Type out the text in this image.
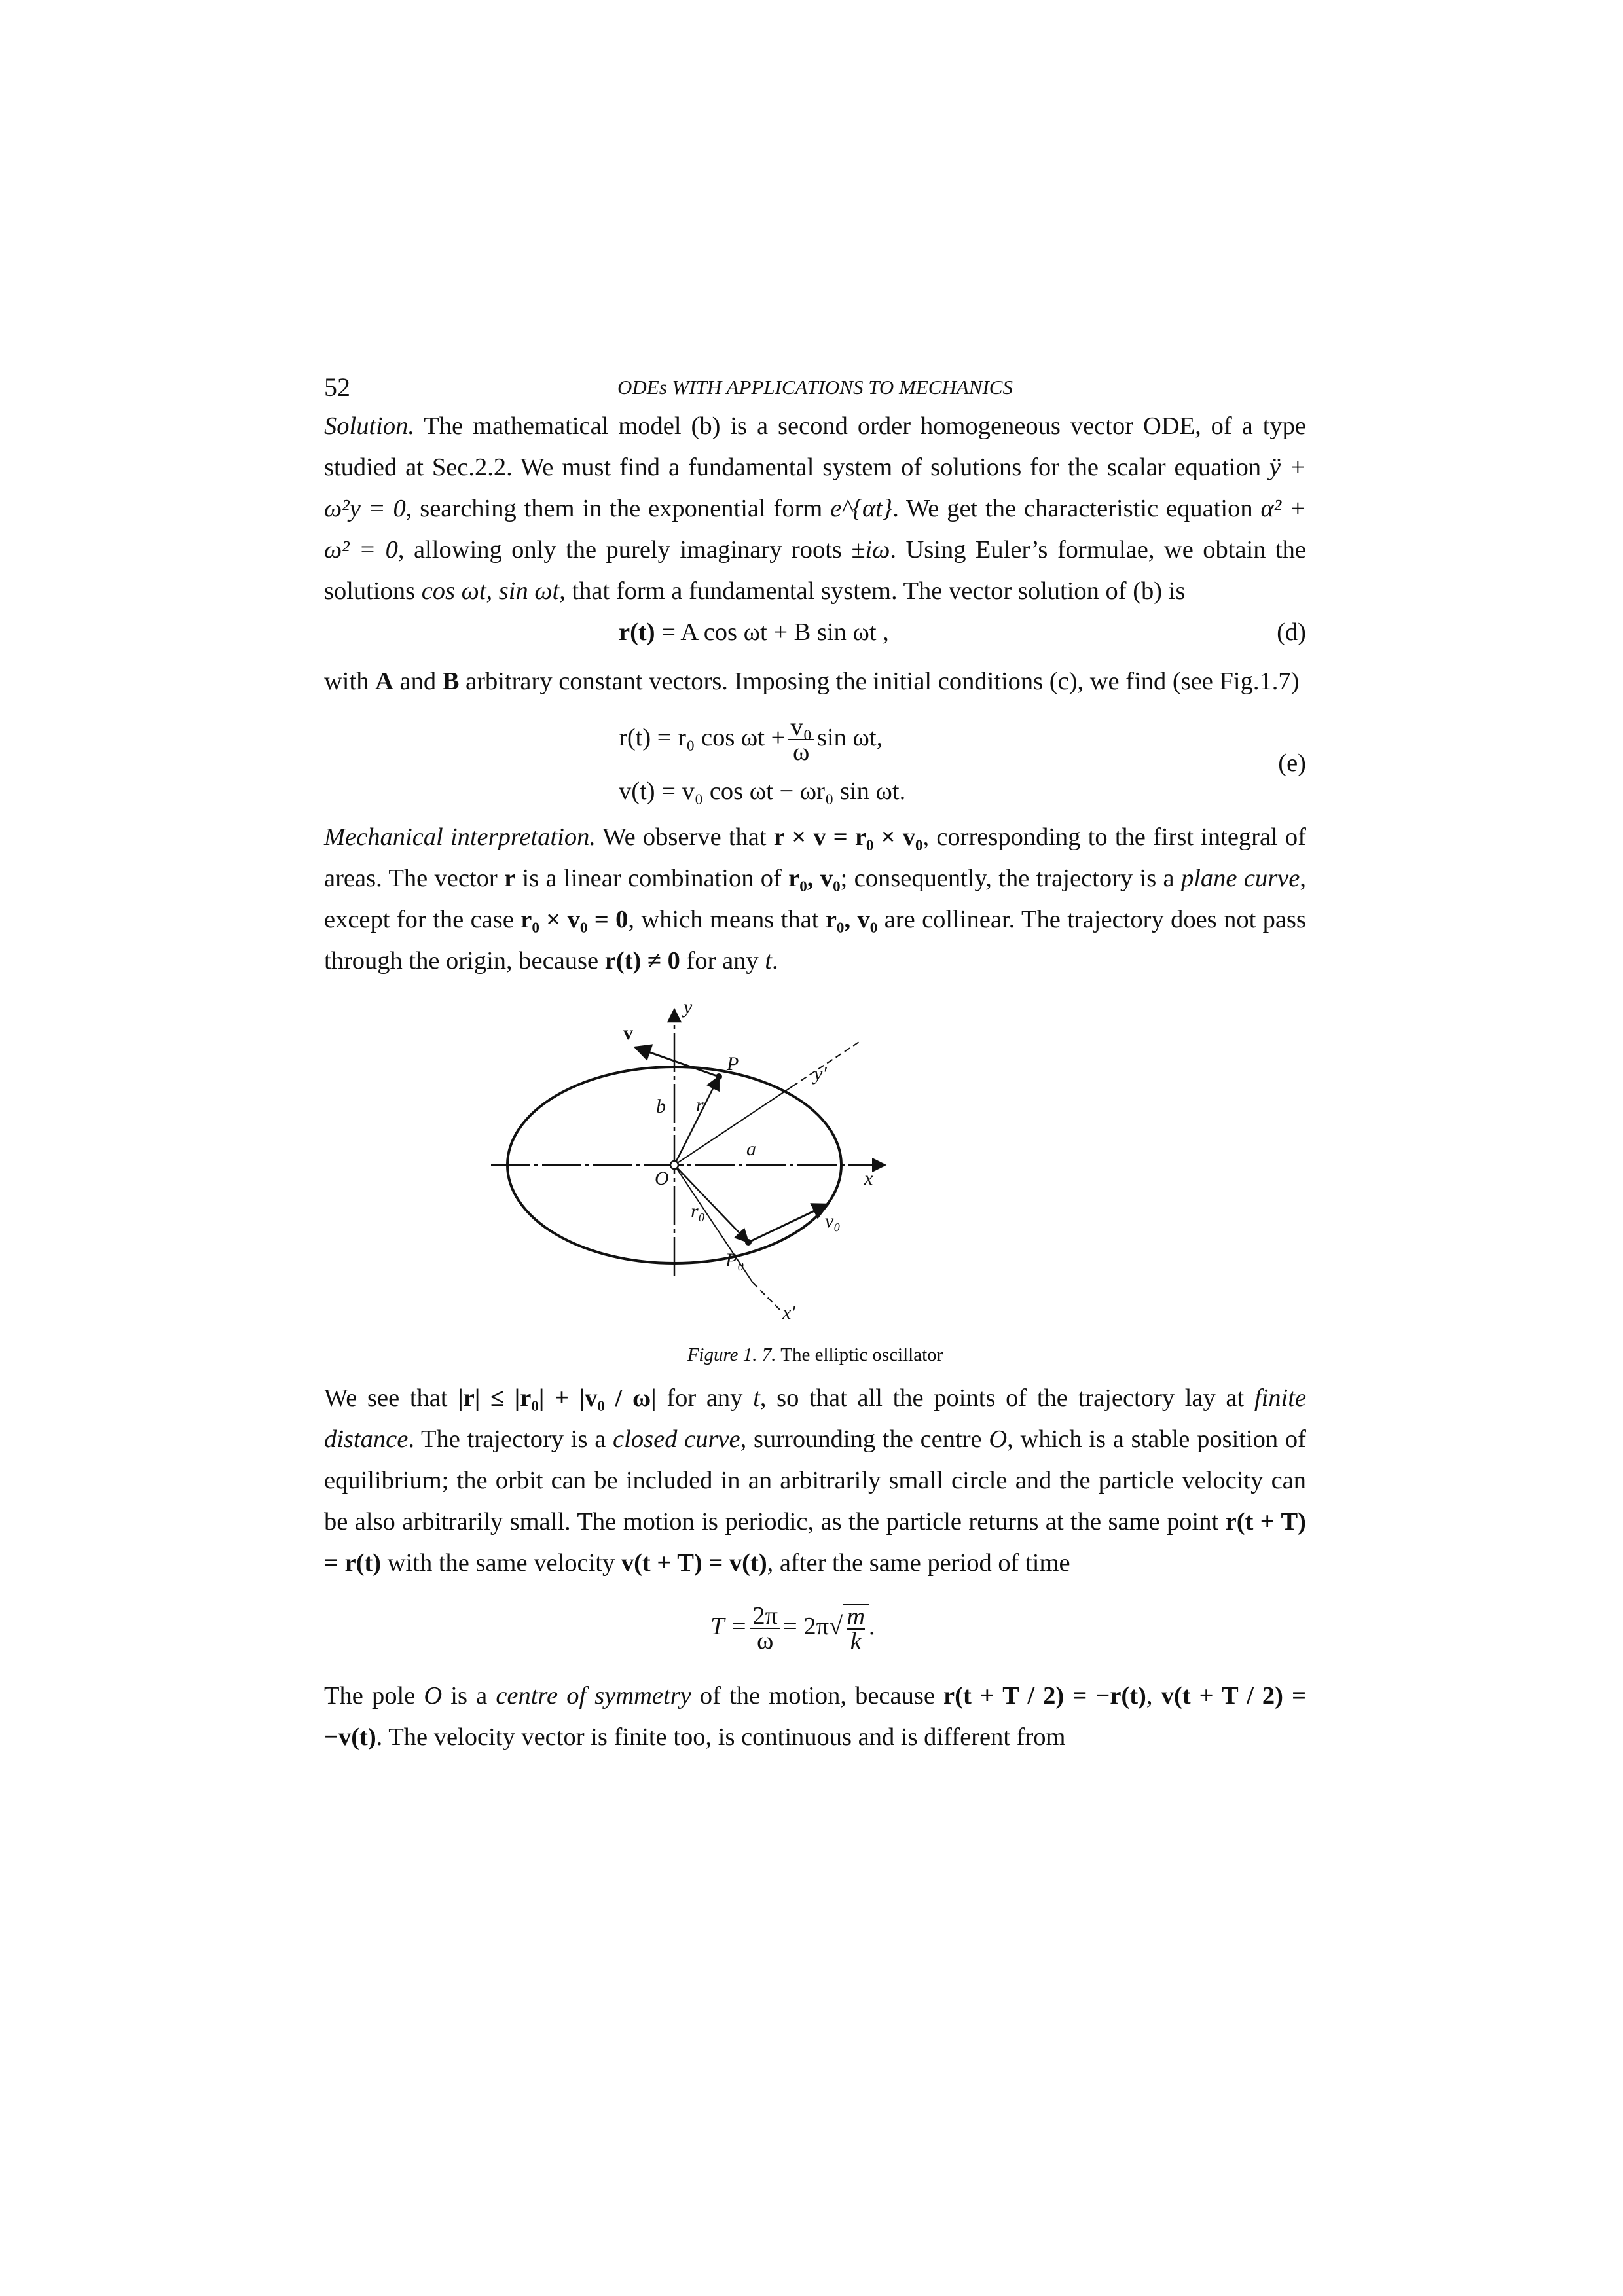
52	ODEs WITH APPLICATIONS TO MECHANICS

Solution. The mathematical model (b) is a second order homogeneous vector ODE, of a type studied at Sec.2.2. We must find a fundamental system of solutions for the scalar equation ÿ + ω²y = 0, searching them in the exponential form e^{αt}. We get the characteristic equation α² + ω² = 0, allowing only the purely imaginary roots ±iω. Using Euler’s formulae, we obtain the solutions cos ωt, sin ωt, that form a fundamental system. The vector solution of (b) is

r(t) = A cos ωt + B sin ωt ,	(d)

with A and B arbitrary constant vectors. Imposing the initial conditions (c), we find (see Fig.1.7)

r(t) = r₀ $\cos \omega t + \frac{\text{v₀}}{\omega}$ sin ωt,
v(t) = v₀ cos ωt − ωr₀ sin ωt.
(e)

Mechanical interpretation. We observe that r × v = r₀ × v₀, corresponding to the first integral of areas. The vector r is a linear combination of r₀, v₀; consequently, the trajectory is a plane curve, except for the case r₀ × v₀ = 0, which means that r₀, v₀ are collinear. The trajectory does not pass through the origin, because r(t) ≠ 0 for any t.

v
y
P
r
b
y′
a
O	x
r₀	v₀
P₀
x′
Figure 1. 7. The elliptic oscillator

We see that |r| ≤ |r₀| + |v₀ / ω| for any t, so that all the points of the trajectory lay at finite distance. The trajectory is a closed curve, surrounding the centre O, which is a stable position of equilibrium; the orbit can be included in an arbitrarily small circle and the particle velocity can be also arbitrarily small. The motion is periodic, as the particle returns at the same point r(t + T) = r(t) with the same velocity v(t + T) = v(t), after the same period of time

$T = \frac{2\pi}{\omega} = 2\pi√ \frac{m}{k}$ .

The pole O is a centre of symmetry of the motion, because r(t + T / 2) = −r(t), v(t + T / 2) = −v(t). The velocity vector is finite too, is continuous and is different from
